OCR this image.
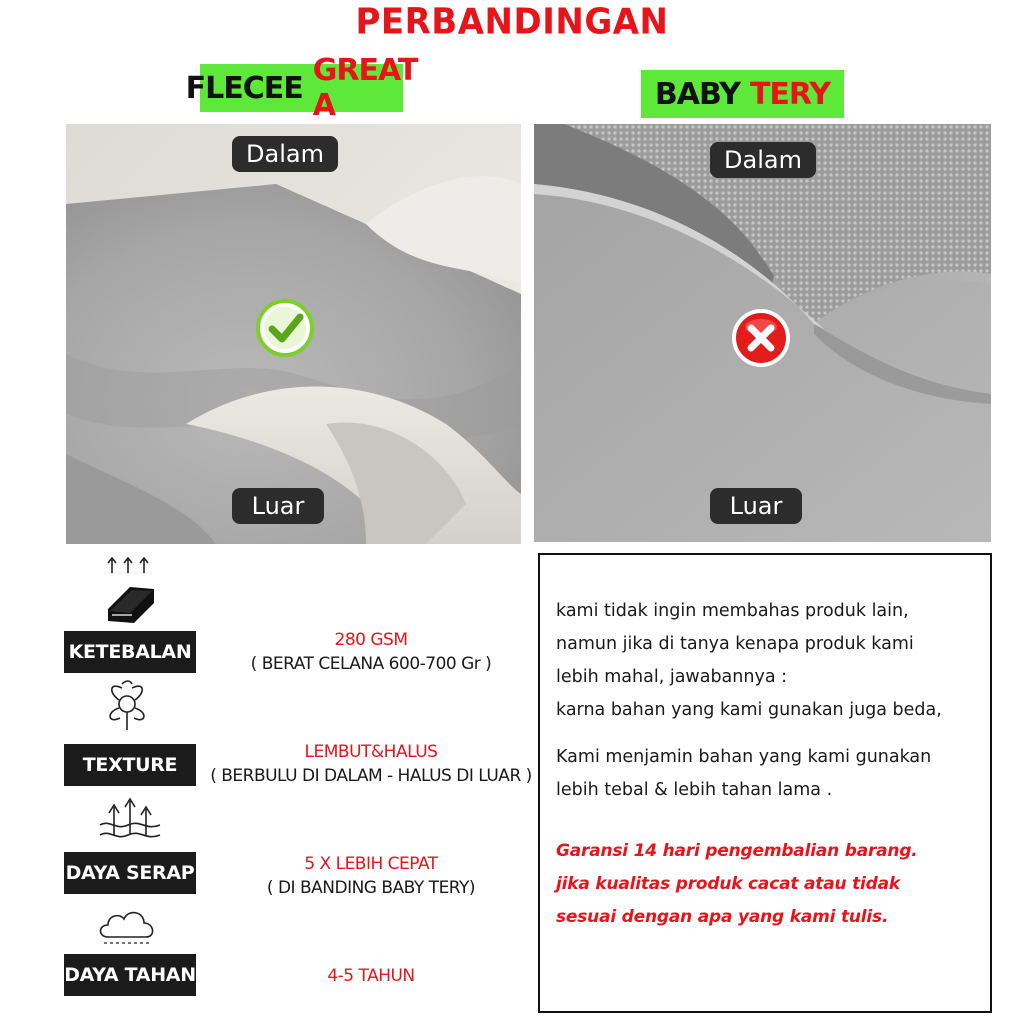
PERBANDINGAN
FLECEE GREAT A	BABY TERY
Dalam
Luar
Dalam
Luar
KETEBALAN
TEXTURE
DAYA SERAP
DAYA TAHAN
280 GSM
( BERAT CELANA 600-700 Gr )
LEMBUT&HALUS
( BERBULU DI DALAM - HALUS DI LUAR )
5 X LEBIH CEPAT
( DI BANDING BABY TERY)
4-5 TAHUN

kami tidak ingin membahas produk lain,

namun jika di tanya kenapa produk kami

lebih mahal, jawabannya :

karna bahan yang kami gunakan juga beda,

Kami menjamin bahan yang kami gunakan

lebih tebal & lebih tahan lama .

Garansi 14 hari pengembalian barang.

jika kualitas produk cacat atau tidak

sesuai dengan apa yang kami tulis.
